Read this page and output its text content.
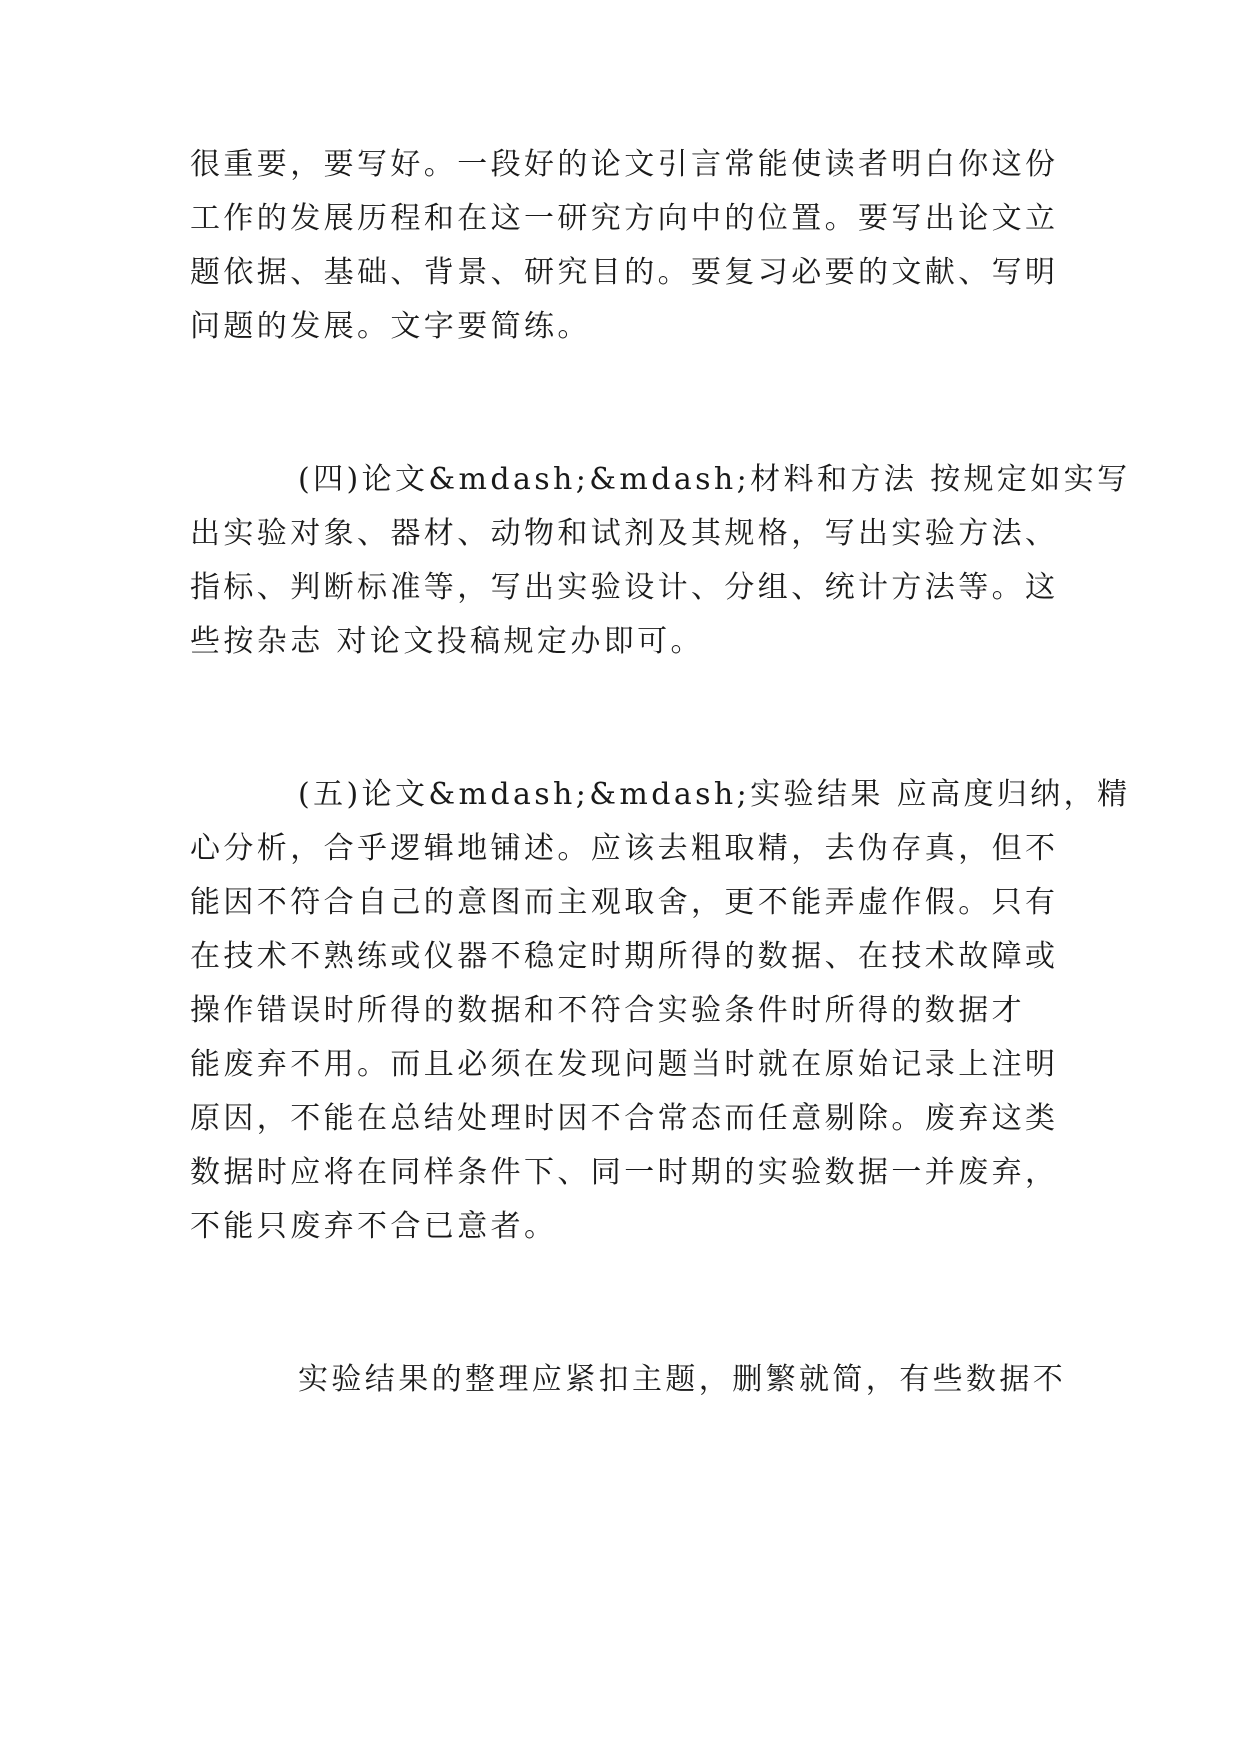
很重要，要写好。一段好的论文引言常能使读者明白你这份
工作的发展历程和在这一研究方向中的位置。要写出论文立
题依据、基础、背景、研究目的。要复习必要的文献、写明
问题的发展。文字要简练。
(四)论文&mdash;&mdash;材料和方法 按规定如实写
出实验对象、器材、动物和试剂及其规格，写出实验方法、
指标、判断标准等，写出实验设计、分组、统计方法等。这
些按杂志 对论文投稿规定办即可。
(五)论文&mdash;&mdash;实验结果 应高度归纳，精
心分析，合乎逻辑地铺述。应该去粗取精，去伪存真，但不
能因不符合自己的意图而主观取舍，更不能弄虚作假。只有
在技术不熟练或仪器不稳定时期所得的数据、在技术故障或
操作错误时所得的数据和不符合实验条件时所得的数据才
能废弃不用。而且必须在发现问题当时就在原始记录上注明
原因，不能在总结处理时因不合常态而任意剔除。废弃这类
数据时应将在同样条件下、同一时期的实验数据一并废弃，
不能只废弃不合已意者。
实验结果的整理应紧扣主题，删繁就简，有些数据不
